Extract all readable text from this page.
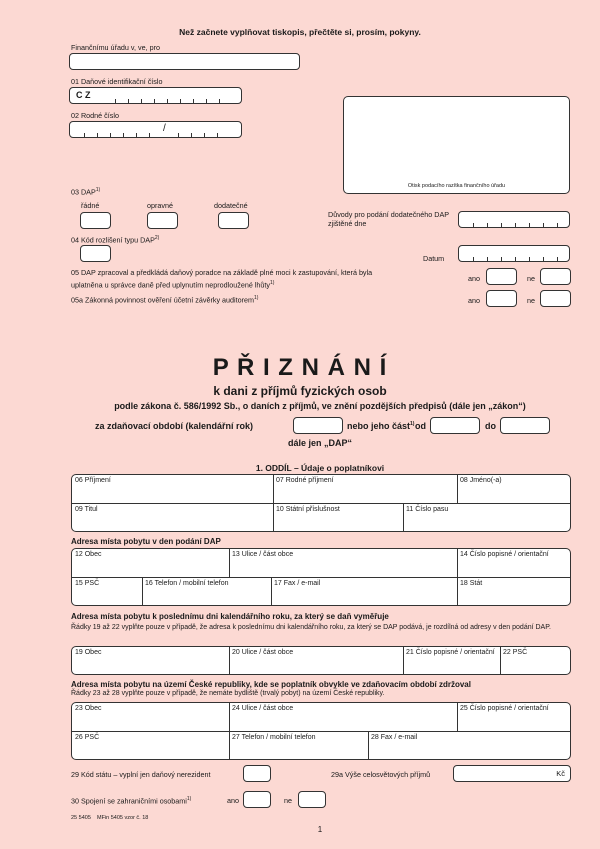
Než začnete vyplňovat tiskopis, přečtěte si, prosím, pokyny.
Finančnímu úřadu v, ve, pro
01 Daňové identifikační číslo
C Z
02 Rodné číslo
/
Otisk podacího razítka finančního úřadu
03 DAP$^{1)}$
řádné	opravné	dodatečné
Důvody pro podání dodatečného DAP zjištěné dne
04 Kód rozlišení typu DAP$^{2)}$
Datum
05 DAP zpracoval a předkládá daňový poradce na základě plné moci k zastupování, která byla uplatněna u správce daně před uplynutím neprodloužené lhůty$^{1)}$	ano	ne
05a Zákonná povinnost ověření účetní závěrky auditorem$^{1)}$	ano	ne
P Ř I Z N Á N Í
k dani z příjmů fyzických osob
podle zákona č. 586/1992 Sb., o daních z příjmů, ve znění pozdějších předpisů (dále jen „zákon“)
za zdaňovací období (kalendářní rok)	nebo jeho část$^{1)}$ od	do
dále jen „DAP“
1. ODDÍL – Údaje o poplatníkovi
06 Příjmení	07 Rodné příjmení	08 Jméno(-a)
09 Titul	10 Státní příslušnost	11 Číslo pasu
Adresa místa pobytu v den podání DAP
12 Obec	13 Ulice / část obce	14 Číslo popisné / orientační
15 PSČ	16 Telefon / mobilní telefon	17 Fax / e-mail	18 Stát
Adresa místa pobytu k poslednímu dni kalendářního roku, za který se daň vyměřuje
Řádky 19 až 22 vyplňte pouze v případě, že adresa k poslednímu dni kalendářního roku, za který se DAP podává, je rozdílná od adresy v den podání DAP.
19 Obec	20 Ulice / část obce	21 Číslo popisné / orientační	22 PSČ
Adresa místa pobytu na území České republiky, kde se poplatník obvykle ve zdaňovacím období zdržoval
Řádky 23 až 28 vyplňte pouze v případě, že nemáte bydliště (trvalý pobyt) na území České republiky.
23 Obec	24 Ulice / část obce	25 Číslo popisné / orientační
26 PSČ	27 Telefon / mobilní telefon	28 Fax / e-mail
29 Kód státu – vyplní jen daňový nerezident	29a Výše celosvětových příjmů	Kč
30 Spojení se zahraničními osobami$^{1)}$	ano	ne
25 5405    MFin 5405 vzor č. 18
1
